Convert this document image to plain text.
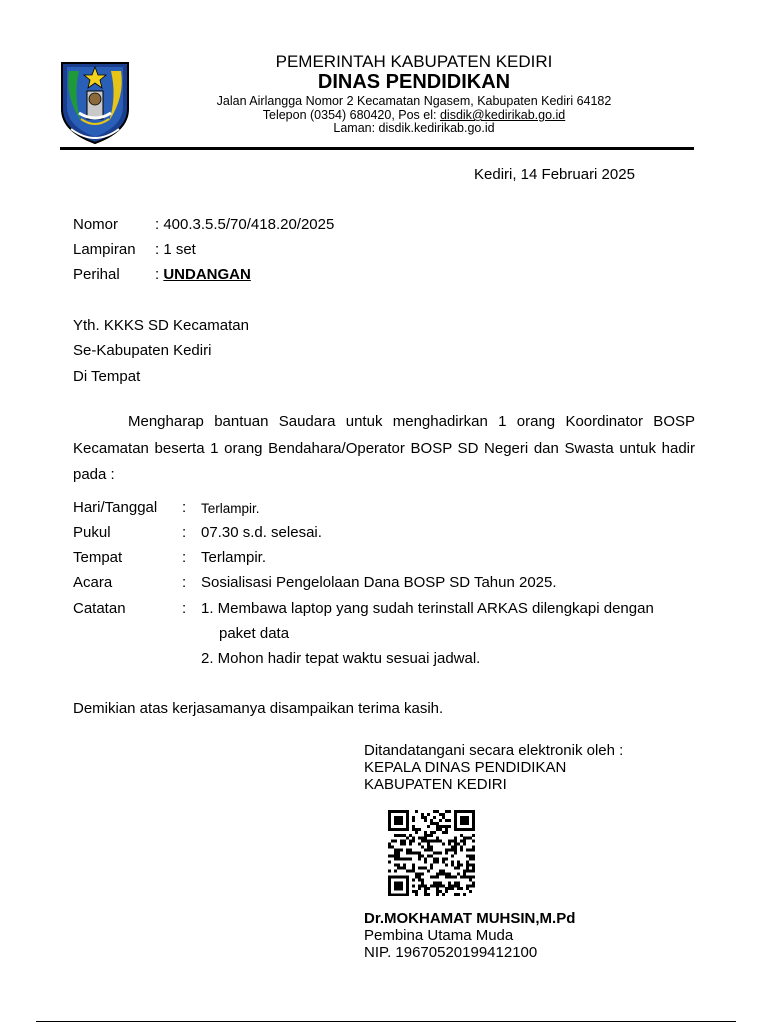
PEMERINTAH KABUPATEN KEDIRI
DINAS PENDIDIKAN
Jalan Airlangga Nomor 2 Kecamatan Ngasem, Kabupaten Kediri 64182
Telepon (0354) 680420, Pos el: disdik@kedirikab.go.id
Laman: disdik.kedirikab.go.id
Kediri, 14 Februari 2025
Nomor : 400.3.5.5/70/418.20/2025
Lampiran : 1 set
Perihal : UNDANGAN
Yth. KKKS SD Kecamatan
Se-Kabupaten Kediri
Di Tempat
Mengharap bantuan Saudara untuk menghadirkan 1 orang Koordinator BOSP Kecamatan beserta 1 orang Bendahara/Operator BOSP SD Negeri dan Swasta untuk hadir pada :
Hari/Tanggal : Terlampir.
Pukul	: 07.30 s.d. selesai.
Tempat	: Terlampir.
Acara	: Sosialisasi Pengelolaan Dana BOSP SD Tahun 2025.
Catatan	: 1. Membawa laptop yang sudah terinstall ARKAS dilengkapi dengan
paket data
2. Mohon hadir tepat waktu sesuai jadwal.
Demikian atas kerjasamanya disampaikan terima kasih.
Ditandatangani secara elektronik oleh :
KEPALA DINAS PENDIDIKAN
KABUPATEN KEDIRI
Dr.MOKHAMAT MUHSIN,M.Pd
Pembina Utama Muda
NIP. 19670520199412100
